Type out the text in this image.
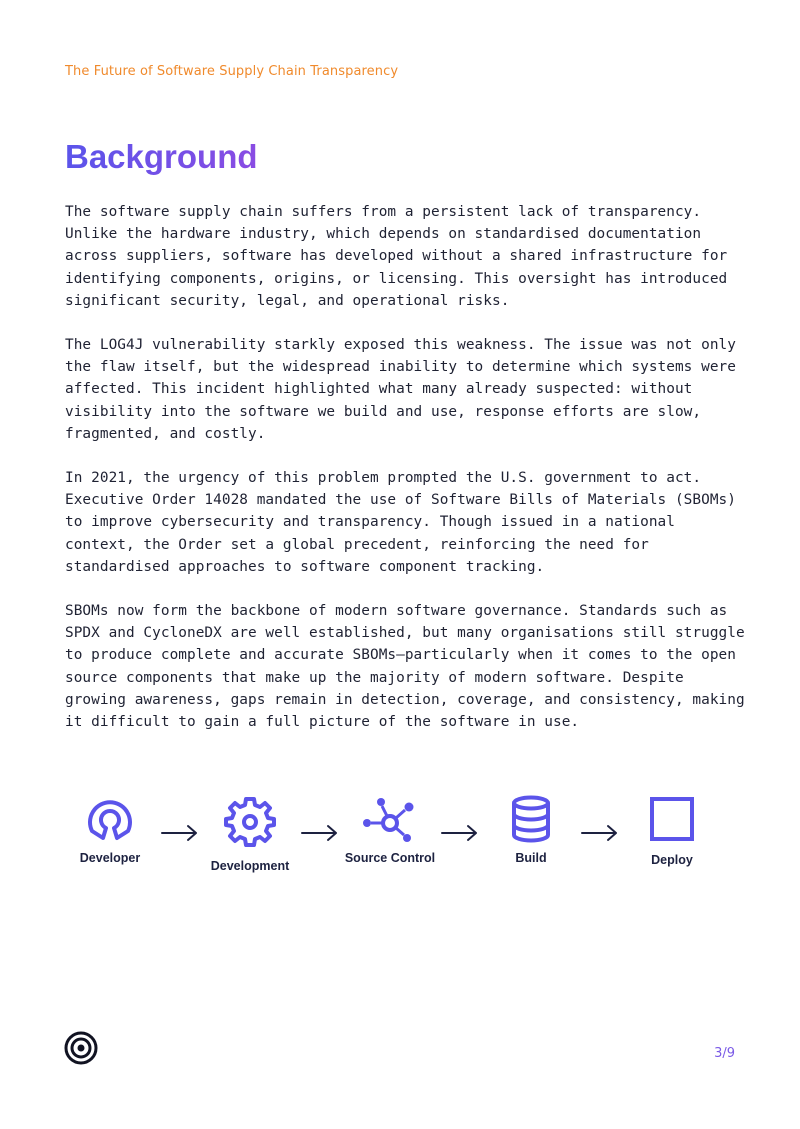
The Future of Software Supply Chain Transparency
Background

The software supply chain suffers from a persistent lack of transparency. Unlike the hardware industry, which depends on standardised documentation across suppliers, software has developed without a shared infrastructure for identifying components, origins, or licensing. This oversight has introduced significant security, legal, and operational risks.

The LOG4J vulnerability starkly exposed this weakness. The issue was not only the flaw itself, but the widespread inability to determine which systems were affected. This incident highlighted what many already suspected: without visibility into the software we build and use, response efforts are slow, fragmented, and costly.

In 2021, the urgency of this problem prompted the U.S. government to act. Executive Order 14028 mandated the use of Software Bills of Materials (SBOMs) to improve cybersecurity and transparency. Though issued in a national context, the Order set a global precedent, reinforcing the need for standardised approaches to software component tracking.

SBOMs now form the backbone of modern software governance. Standards such as SPDX and CycloneDX are well established, but many organisations still struggle to produce complete and accurate SBOMs—particularly when it comes to the open source components that make up the majority of modern software. Despite growing awareness, gaps remain in detection, coverage, and consistency, making it difficult to gain a full picture of the software in use.

Developer
Development
Source Control	Build	Deploy
3/9
